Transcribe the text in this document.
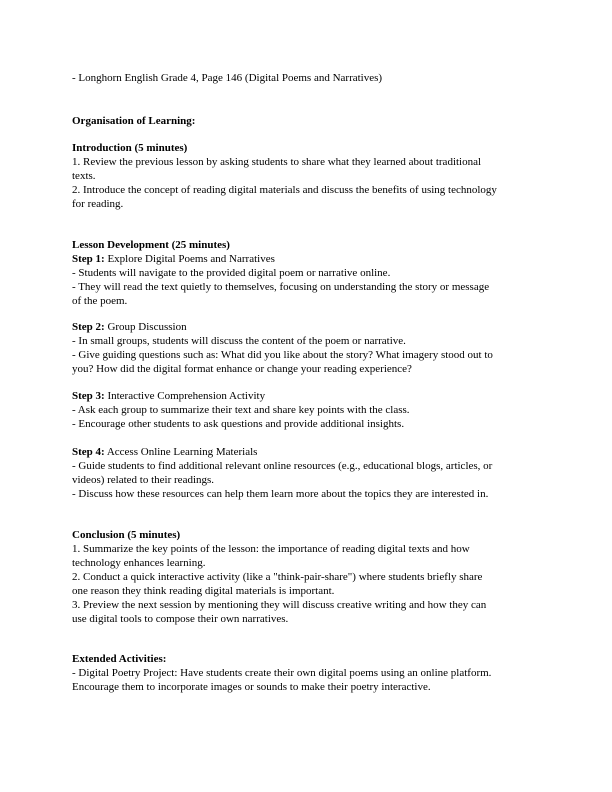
- Longhorn English Grade 4, Page 146 (Digital Poems and Narratives)
Organisation of Learning:
Introduction (5 minutes)
1. Review the previous lesson by asking students to share what they learned about traditional
texts.
2. Introduce the concept of reading digital materials and discuss the benefits of using technology
for reading.
Lesson Development (25 minutes)
Step 1: Explore Digital Poems and Narratives
- Students will navigate to the provided digital poem or narrative online.
- They will read the text quietly to themselves, focusing on understanding the story or message
of the poem.
Step 2: Group Discussion
- In small groups, students will discuss the content of the poem or narrative.
- Give guiding questions such as: What did you like about the story? What imagery stood out to
you? How did the digital format enhance or change your reading experience?
Step 3: Interactive Comprehension Activity
- Ask each group to summarize their text and share key points with the class.
- Encourage other students to ask questions and provide additional insights.
Step 4: Access Online Learning Materials
- Guide students to find additional relevant online resources (e.g., educational blogs, articles, or
videos) related to their readings.
- Discuss how these resources can help them learn more about the topics they are interested in.
Conclusion (5 minutes)
1. Summarize the key points of the lesson: the importance of reading digital texts and how
technology enhances learning.
2. Conduct a quick interactive activity (like a "think-pair-share") where students briefly share
one reason they think reading digital materials is important.
3. Preview the next session by mentioning they will discuss creative writing and how they can
use digital tools to compose their own narratives.
Extended Activities:
- Digital Poetry Project: Have students create their own digital poems using an online platform.
Encourage them to incorporate images or sounds to make their poetry interactive.
